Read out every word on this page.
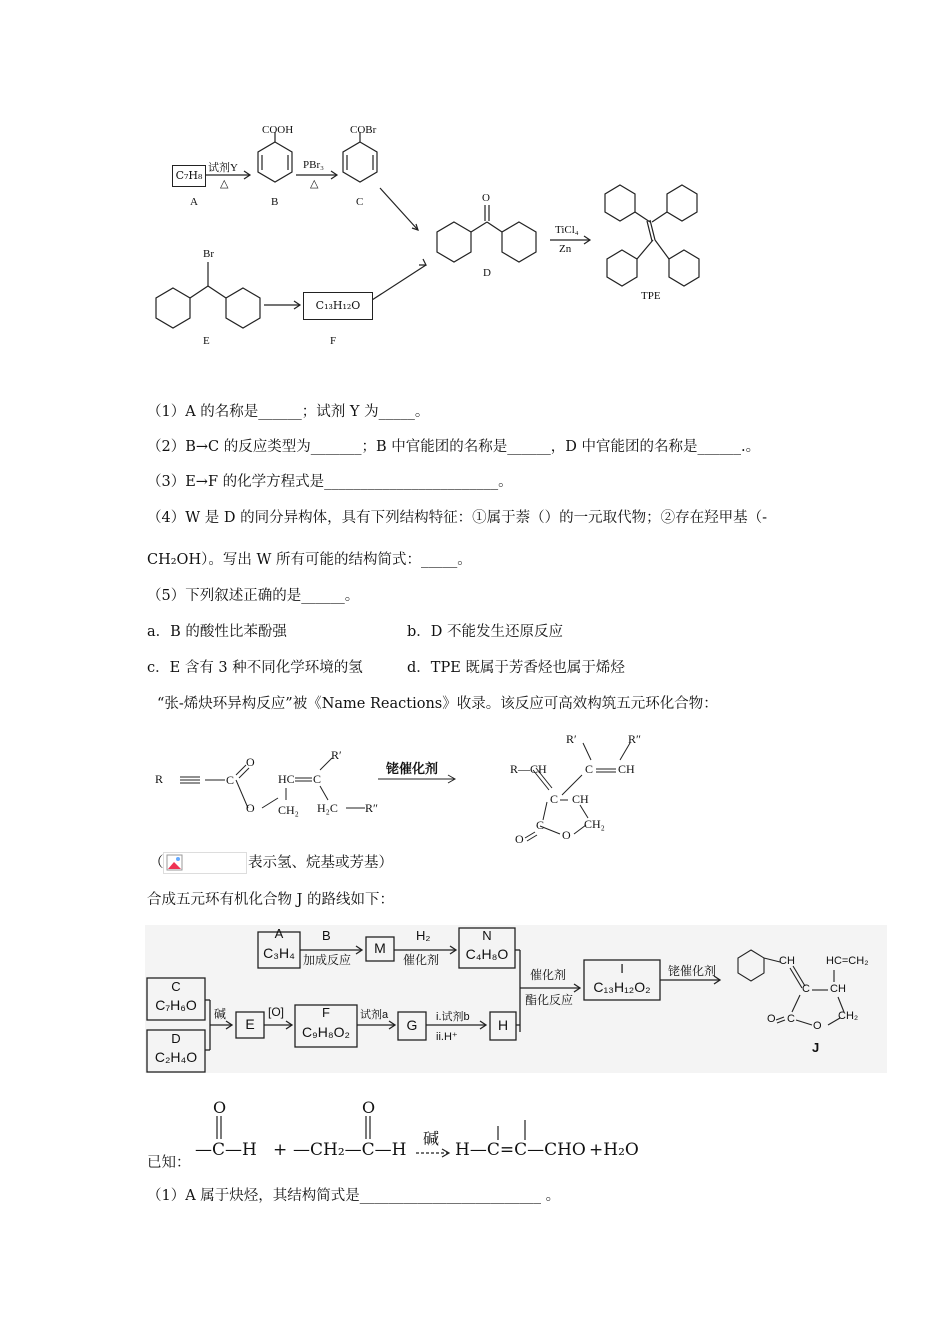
C₇H₈
试剂Y
△
PBr₃
△
COOH	COBr
Br
O
C₁₃H₁₂O
TiCl₄
Zn
A	B	C
D
E	F
TPE
（1）A 的名称是______；试剂 Y 为_____。
（2）B→C 的反应类型为_______；B 中官能团的名称是______，D 中官能团的名称是______.。
（3）E→F 的化学方程式是________________________。
（4）W 是 D 的同分异构体，具有下列结构特征：①属于萘（）的一元取代物；②存在羟甲基（-
CH₂OH）。写出 W 所有可能的结构简式：_____。
（5）下列叙述正确的是______。
a．B 的酸性比苯酚强	b．D 不能发生还原反应
c．E 含有 3 种不同化学环境的氢	d．TPE 既属于芳香烃也属于烯烃
“张-烯炔环异构反应”被《Name Reactions》收录。该反应可高效构筑五元环化合物：
R	C
O
O
HC C
R′
CH₂ H₂C R″
铑催化剂
R′	R″
R—CH	C CH
C CH
C
O
CH₂
O
（	表示氢、烷基或芳基）
合成五元环有机化合物 J 的路线如下：
A
C₃H₄
B
加成反应
M
H₂
催化剂
N
C₄H₈O
C
C₇H₆O
D
C₂H₄O
碱
E
[O]	F
C₉H₈O₂
试剂a
G	i.试剂b
ii.H⁺
H
催化剂
酯化反应
I
C₁₃H₁₂O₂
铑催化剂
CH	HC=CH₂
C CH
O C
O
CH₂
J
O	O
已知：
—C—H + —CH₂—C—H
碱
H—C=C—CHO +H₂O
（1）A 属于炔烃，其结构简式是_________________________ 。
